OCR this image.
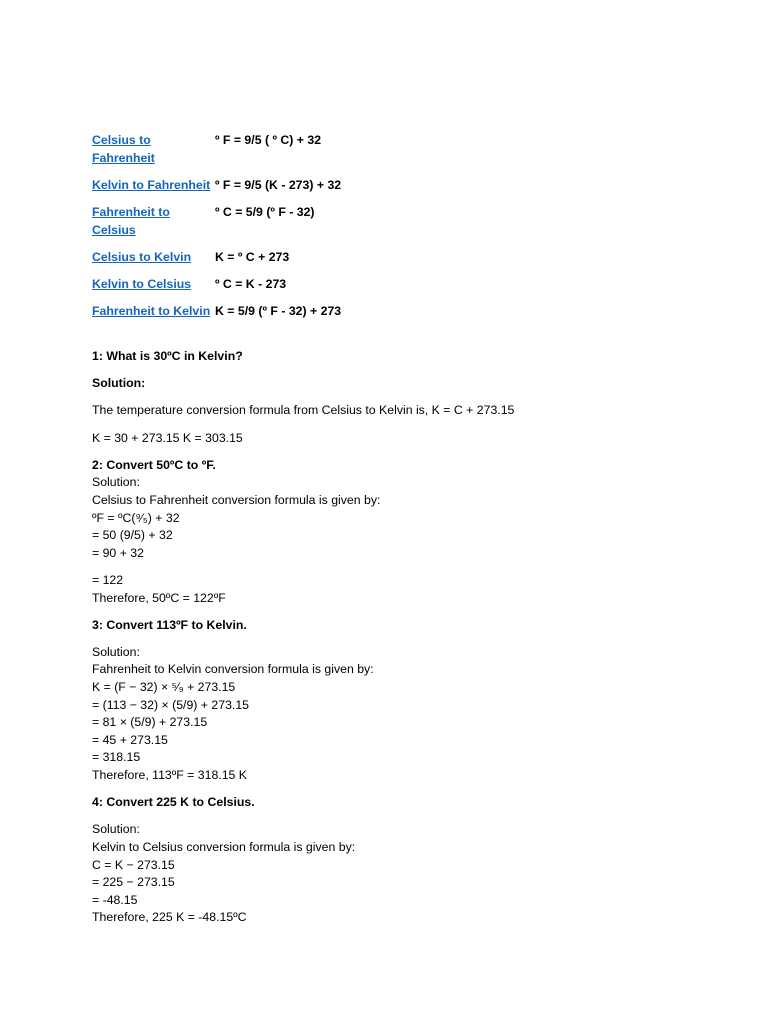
Celsius to
Fahrenheit
º F = 9/5 ( º C) + 32
Kelvin to Fahrenheit º F = 9/5 (K - 273) + 32
Fahrenheit to
Celsius
º C = 5/9 (º F - 32)
Celsius to Kelvin	K = º C + 273
Kelvin to Celsius	º C = K - 273
Fahrenheit to Kelvin K = 5/9 (º F - 32) + 273
1: What is 30ºC in Kelvin?
Solution:
The temperature conversion formula from Celsius to Kelvin is, K = C + 273.15
K = 30 + 273.15 K = 303.15
2: Convert 50ºC to ºF.
Solution:
Celsius to Fahrenheit conversion formula is given by:
ºF = ºC(⁹⁄₅) + 32
= 50 (9/5) + 32
= 90 + 32
= 122
Therefore, 50ºC = 122ºF
3: Convert 113ºF to Kelvin.
Solution:
Fahrenheit to Kelvin conversion formula is given by:
K = (F − 32) × ⁵⁄₉ + 273.15
= (113 − 32) × (5/9) + 273.15
= 81 × (5/9) + 273.15
= 45 + 273.15
= 318.15
Therefore, 113ºF = 318.15 K
4: Convert 225 K to Celsius.
Solution:
Kelvin to Celsius conversion formula is given by:
C = K − 273.15
= 225 − 273.15
= -48.15
Therefore, 225 K = -48.15ºC
